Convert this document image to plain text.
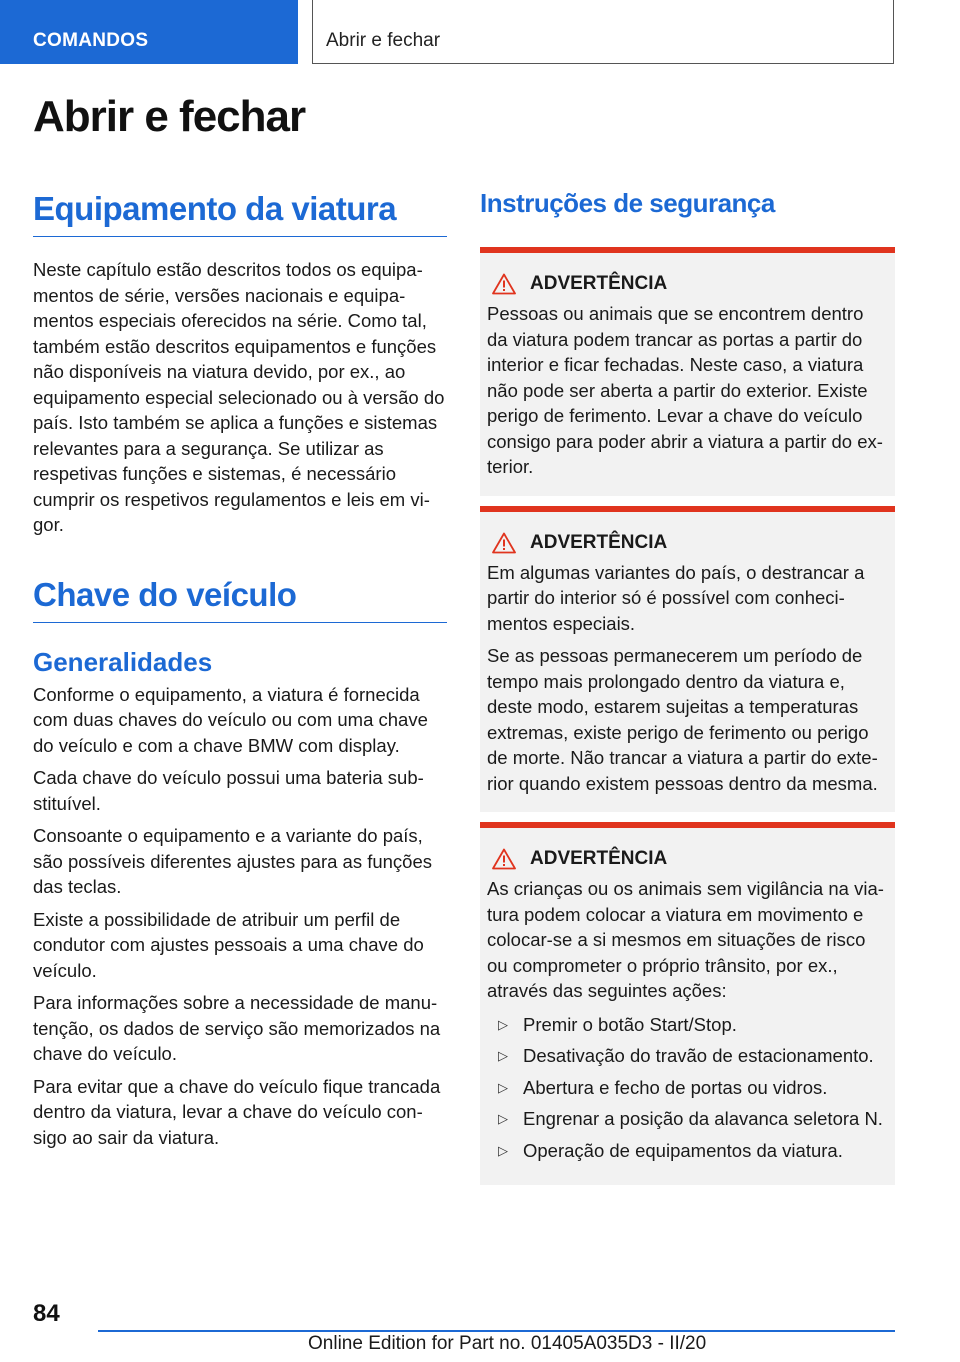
COMANDOS	Abrir e fechar
Abrir e fechar
Equipamento da viatura

Neste capítulo estão descritos todos os equipamentos de série, versões nacionais e equipamentos especiais oferecidos na série. Como tal, também estão descritos equipamentos e funções não disponíveis na viatura devido, por ex., ao equipamento especial selecionado ou à versão do país. Isto também se aplica a funções e sistemas relevantes para a segurança. Se utilizar as respetivas funções e sistemas, é necessário cumprir os respetivos regulamentos e leis em vigor.

Chave do veículo
Generalidades

Conforme o equipamento, a viatura é fornecida com duas chaves do veículo ou com uma chave do veículo e com a chave BMW com display.

Cada chave do veículo possui uma bateria substituível.

Consoante o equipamento e a variante do país, são possíveis diferentes ajustes para as funções das teclas.

Existe a possibilidade de atribuir um perfil de condutor com ajustes pessoais a uma chave do veículo.

Para informações sobre a necessidade de manutenção, os dados de serviço são memorizados na chave do veículo.

Para evitar que a chave do veículo fique trancada dentro da viatura, levar a chave do veículo consigo ao sair da viatura.

Instruções de segurança
ADVERTÊNCIA

Pessoas ou animais que se encontrem dentro da viatura podem trancar as portas a partir do interior e ficar fechadas. Neste caso, a viatura não pode ser aberta a partir do exterior. Existe perigo de ferimento. Levar a chave do veículo consigo para poder abrir a viatura a partir do exterior.

ADVERTÊNCIA

Em algumas variantes do país, o destrancar a partir do interior só é possível com conhecimentos especiais.

Se as pessoas permanecerem um período de tempo mais prolongado dentro da viatura e, deste modo, estarem sujeitas a temperaturas extremas, existe perigo de ferimento ou perigo de morte. Não trancar a viatura a partir do exterior quando existem pessoas dentro da mesma.

ADVERTÊNCIA

As crianças ou os animais sem vigilância na viatura podem colocar a viatura em movimento e colocar-se a si mesmos em situações de risco ou comprometer o próprio trânsito, por ex., através das seguintes ações:

▷ Premir o botão Start/Stop.
▷ Desativação do travão de estacionamento.
▷ Abertura e fecho de portas ou vidros.
▷ Engrenar a posição da alavanca seletora N.
▷ Operação de equipamentos da viatura.
84
Online Edition for Part no. 01405A035D3 - II/20
